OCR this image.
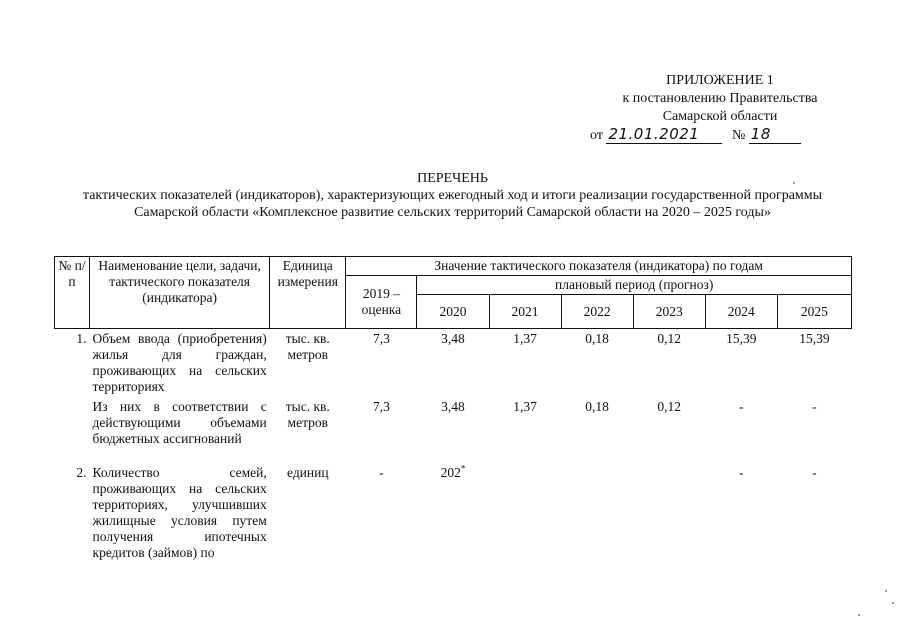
ПРИЛОЖЕНИЕ 1
к постановлению Правительства
Самарской области
от 21.01.2021 № 18
ПЕРЕЧЕНЬ
тактических показателей (индикаторов), характеризующих ежегодный ход и итоги реализации государственной программы
Самарской области «Комплексное развитие сельских территорий Самарской области на 2020 – 2025 годы»
№ п/п	Наименование цели, задачи, тактического показателя (индикатора)	Единица измерения	Значение тактического показателя (индикатора) по годам						
			2019 – оценка	плановый период (прогноз)					
				2020	2021	2022	2023	2024	2025
1.	Объем ввода (приобретения) жилья для граждан, проживающих на сельских территориях	тыс. кв. метров	7,3	3,48	1,37	0,18	0,12	15,39	15,39
	Из них в соответствии с действующими объемами бюджетных ассигнований	тыс. кв. метров	7,3	3,48	1,37	0,18	0,12	-	-
2.	Количество семей, проживающих на сельских территориях, улучшивших жилищные условия путем получения ипотечных кредитов (займов) по	единиц	-	202*				-	-
